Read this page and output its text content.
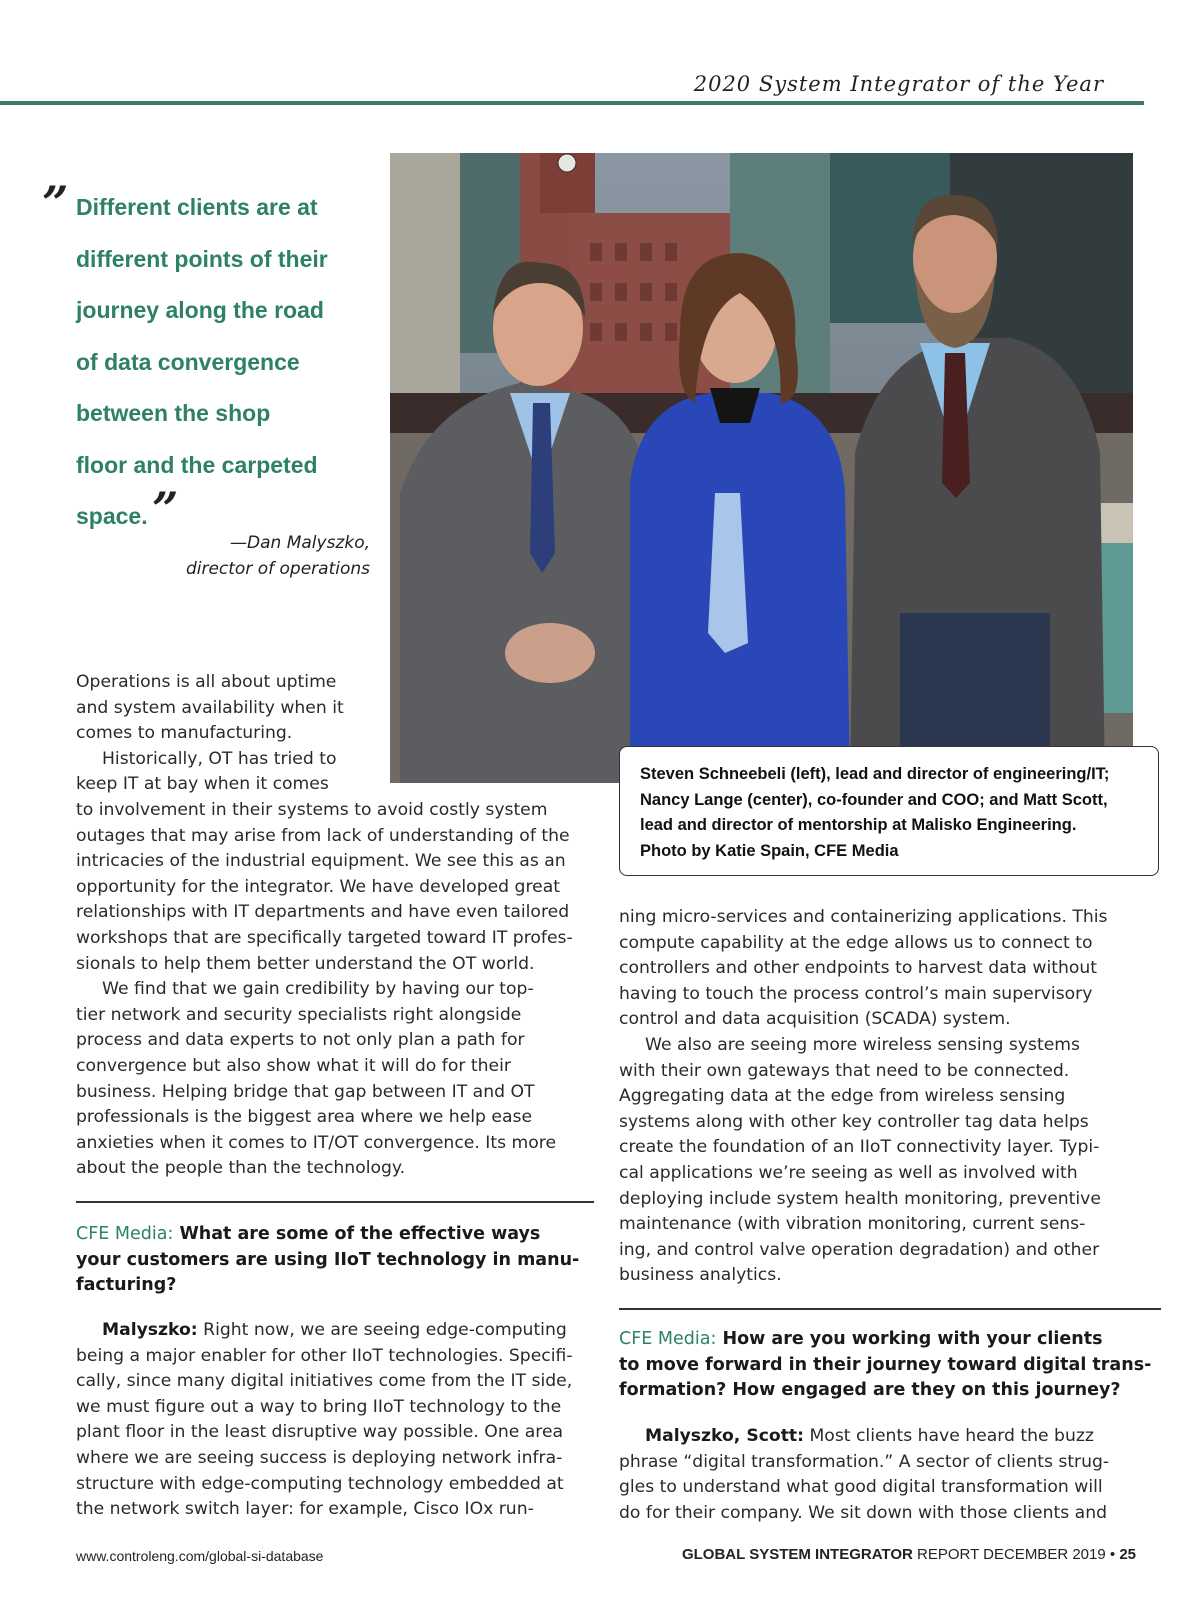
2020 System Integrator of the Year
” Different clients are at
different points of their
journey along the road
of data convergence
between the shop
floor and the carpeted
space. ”
—Dan Malyszko,
director of operations
Steven Schneebeli (left), lead and director of engineering/IT;
Nancy Lange (center), co-founder and COO; and Matt Scott,
lead and director of mentorship at Malisko Engineering.
Photo by Katie Spain, CFE Media
Operations is all about uptime
and system availability when it
comes to manufacturing.
Historically, OT has tried to
keep IT at bay when it comes
to involvement in their systems to avoid costly system
outages that may arise from lack of understanding of the
intricacies of the industrial equipment. We see this as an
opportunity for the integrator. We have developed great
relationships with IT departments and have even tailored
workshops that are specifically targeted toward IT profes-
sionals to help them better understand the OT world.
We find that we gain credibility by having our top-
tier network and security specialists right alongside
process and data experts to not only plan a path for
convergence but also show what it will do for their
business. Helping bridge that gap between IT and OT
professionals is the biggest area where we help ease
anxieties when it comes to IT/OT convergence. Its more
about the people than the technology.
CFE Media: What are some of the effective ways
your customers are using IIoT technology in manu-
facturing?
Malyszko: Right now, we are seeing edge-computing
being a major enabler for other IIoT technologies. Specifi-
cally, since many digital initiatives come from the IT side,
we must figure out a way to bring IIoT technology to the
plant floor in the least disruptive way possible. One area
where we are seeing success is deploying network infra-
structure with edge-computing technology embedded at
the network switch layer: for example, Cisco IOx run-
ning micro-services and containerizing applications. This
compute capability at the edge allows us to connect to
controllers and other endpoints to harvest data without
having to touch the process control’s main supervisory
control and data acquisition (SCADA) system.
We also are seeing more wireless sensing systems
with their own gateways that need to be connected.
Aggregating data at the edge from wireless sensing
systems along with other key controller tag data helps
create the foundation of an IIoT connectivity layer. Typi-
cal applications we’re seeing as well as involved with
deploying include system health monitoring, preventive
maintenance (with vibration monitoring, current sens-
ing, and control valve operation degradation) and other
business analytics.
CFE Media: How are you working with your clients
to move forward in their journey toward digital trans-
formation? How engaged are they on this journey?
Malyszko, Scott: Most clients have heard the buzz
phrase “digital transformation.” A sector of clients strug-
gles to understand what good digital transformation will
do for their company. We sit down with those clients and
www.controleng.com/global-si-database	GLOBAL SYSTEM INTEGRATOR REPORT DECEMBER 2019 • 25
